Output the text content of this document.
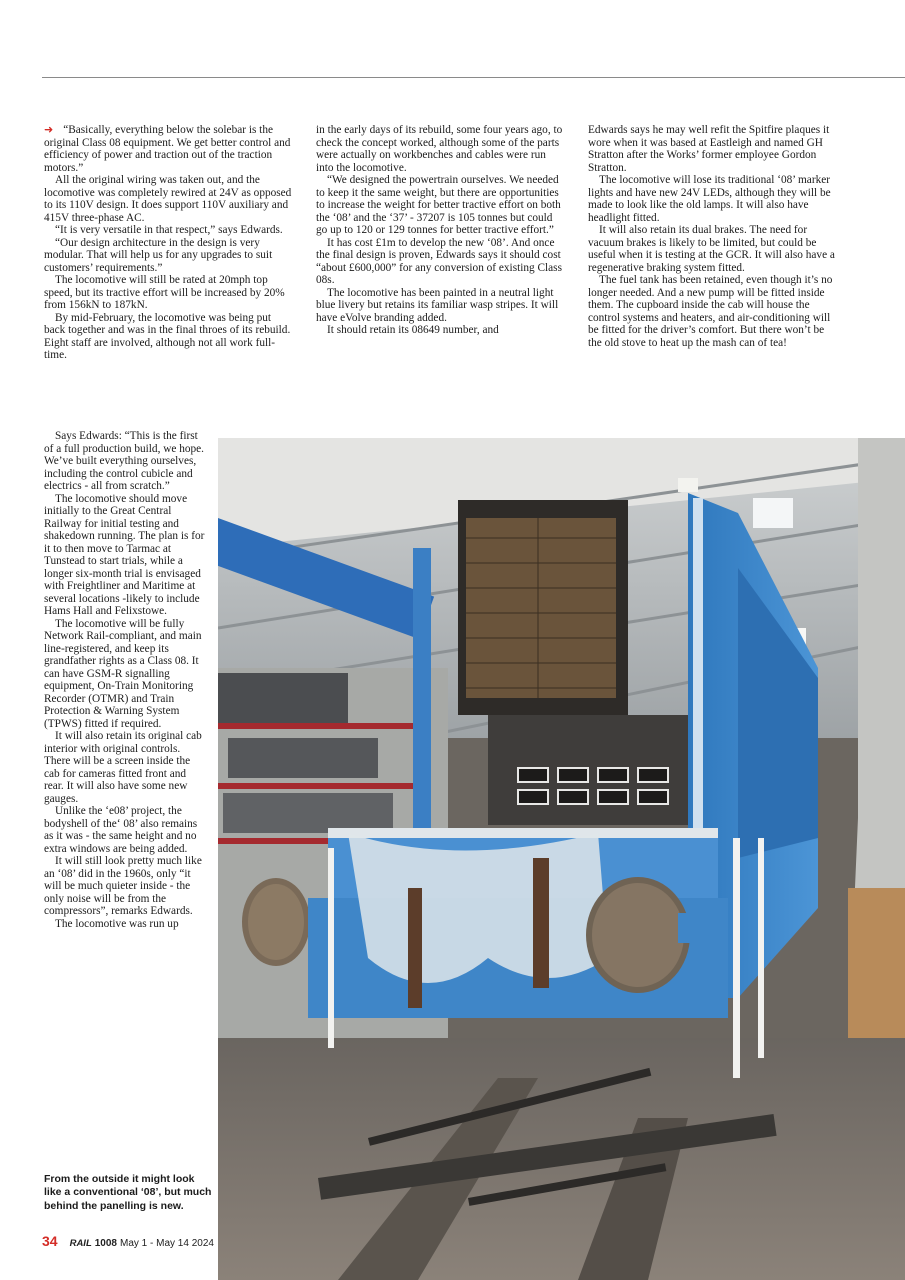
➜ “Basically, everything below the solebar is the original Class 08 equipment. We get better control and efficiency of power and traction out of the traction motors.”

All the original wiring was taken out, and the locomotive was completely rewired at 24V as opposed to its 110V design. It does support 110V auxiliary and 415V three-phase AC.

“It is very versatile in that respect,” says Edwards.

“Our design architecture in the design is very modular. That will help us for any upgrades to suit customers’ requirements.”

The locomotive will still be rated at 20mph top speed, but its tractive effort will be increased by 20% from 156kN to 187kN.

By mid-February, the locomotive was being put back together and was in the final throes of its rebuild. Eight staff are involved, although not all work full-time.

Says Edwards: “This is the first of a full production build, we hope. We’ve built everything ourselves, including the control cubicle and electrics - all from scratch.”

The locomotive should move initially to the Great Central Railway for initial testing and shakedown running. The plan is for it to then move to Tarmac at Tunstead to start trials, while a longer six-month trial is envisaged with Freightliner and Maritime at several locations -likely to include Hams Hall and Felixstowe.

The locomotive will be fully Network Rail-compliant, and main line-registered, and keep its grandfather rights as a Class 08. It can have GSM-R signalling equipment, On-Train Monitoring Recorder (OTMR) and Train Protection & Warning System (TPWS) fitted if required.

It will also retain its original cab interior with original controls. There will be a screen inside the cab for cameras fitted front and rear. It will also have some new gauges.

Unlike the ‘e08’ project, the bodyshell of the‘ 08’ also remains as it was - the same height and no extra windows are being added.

It will still look pretty much like an ‘08’ did in the 1960s, only “it will be much quieter inside - the only noise will be from the compressors”, remarks Edwards.

The locomotive was run up

in the early days of its rebuild, some four years ago, to check the concept worked, although some of the parts were actually on workbenches and cables were run into the locomotive.

“We designed the powertrain ourselves. We needed to keep it the same weight, but there are opportunities to increase the weight for better tractive effort on both the ‘08’ and the ‘37’ - 37207 is 105 tonnes but could go up to 120 or 129 tonnes for better tractive effort.”

It has cost £1m to develop the new ‘08’. And once the final design is proven, Edwards says it should cost “about £600,000” for any conversion of existing Class 08s.

The locomotive has been painted in a neutral light blue livery but retains its familiar wasp stripes. It will have eVolve branding added.

It should retain its 08649 number, and

Edwards says he may well refit the Spitfire plaques it wore when it was based at Eastleigh and named GH Stratton after the Works’ former employee Gordon Stratton.

The locomotive will lose its traditional ‘08’ marker lights and have new 24V LEDs, although they will be made to look like the old lamps. It will also have headlight fitted.

It will also retain its dual brakes. The need for vacuum brakes is likely to be limited, but could be useful when it is testing at the GCR. It will also have a regenerative braking system fitted.

The fuel tank has been retained, even though it’s no longer needed. And a new pump will be fitted inside them. The cupboard inside the cab will house the control systems and heaters, and air-conditioning will be fitted for the driver’s comfort. But there won’t be the old stove to heat up the mash can of tea!

From the outside it might look like a conventional ‘08’, but much behind the panelling is new.
34 RAIL 1008 May 1 - May 14 2024
